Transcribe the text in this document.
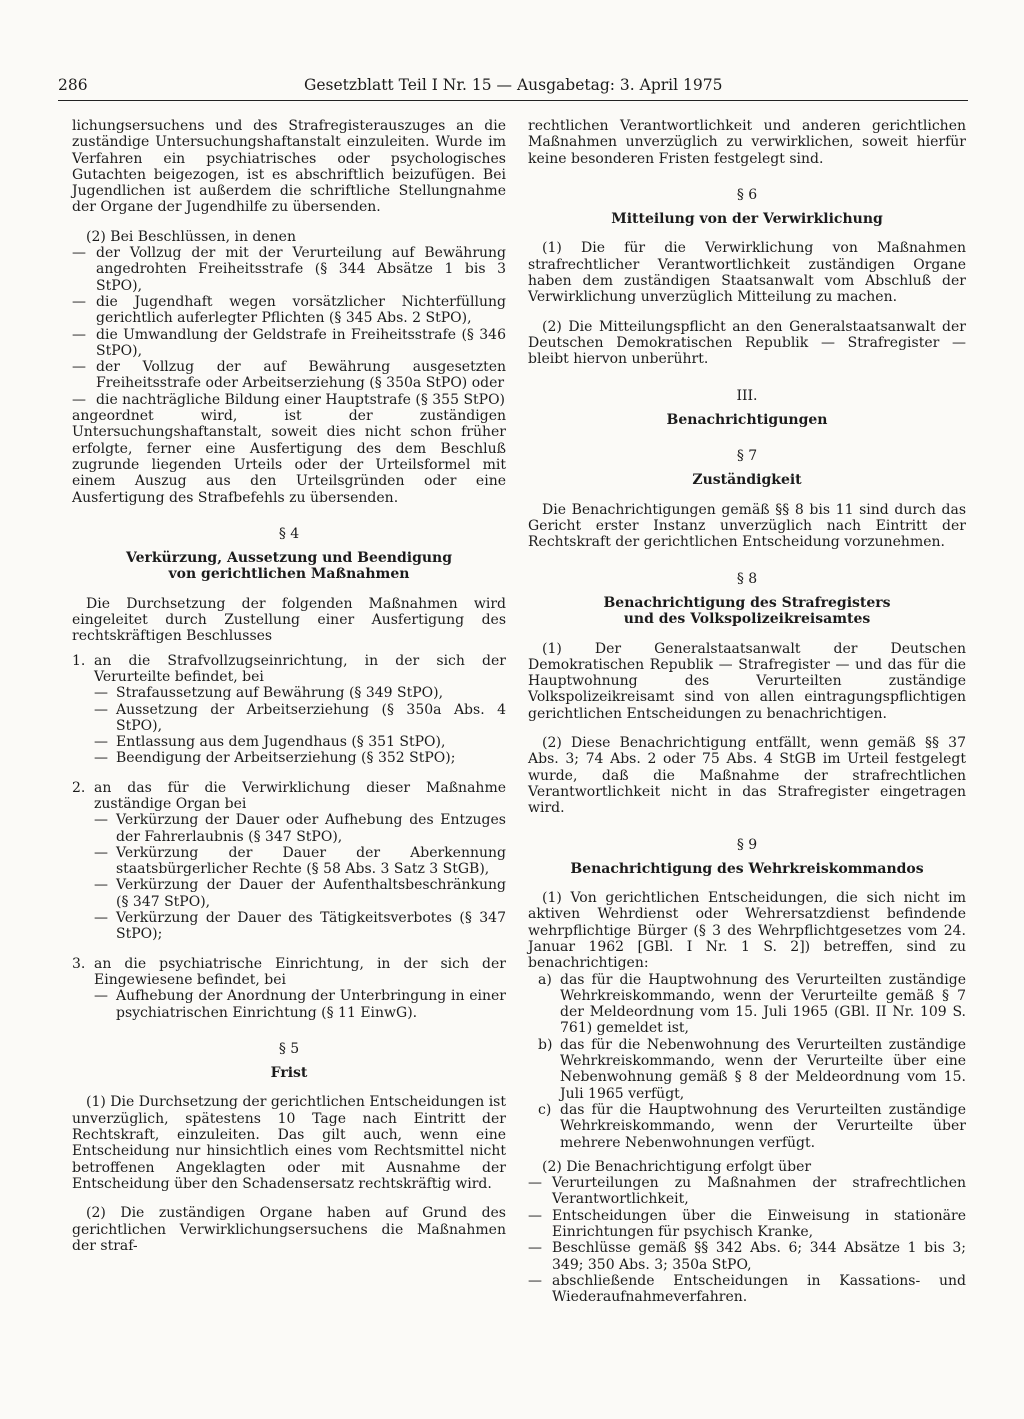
286	Gesetzblatt Teil I Nr. 15 — Ausgabetag: 3. April 1975

lichungsersuchens und des Strafregisterauszuges an die zuständige Untersuchungshaftanstalt einzuleiten. Wurde im Verfahren ein psychiatrisches oder psychologisches Gutachten beigezogen, ist es abschriftlich beizufügen. Bei Jugendlichen ist außerdem die schriftliche Stellungnahme der Organe der Jugendhilfe zu übersenden.

(2) Bei Beschlüssen, in denen

— der Vollzug der mit der Verurteilung auf Bewährung angedrohten Freiheitsstrafe (§ 344 Absätze 1 bis 3 StPO),
— die Jugendhaft wegen vorsätzlicher Nichterfüllung gerichtlich auferlegter Pflichten (§ 345 Abs. 2 StPO),
— die Umwandlung der Geldstrafe in Freiheitsstrafe (§ 346 StPO),
— der Vollzug der auf Bewährung ausgesetzten Freiheitsstrafe oder Arbeitserziehung (§ 350a StPO) oder
— die nachträgliche Bildung einer Hauptstrafe (§ 355 StPO)

angeordnet wird, ist der zuständigen Untersuchungshaftanstalt, soweit dies nicht schon früher erfolgte, ferner eine Ausfertigung des dem Beschluß zugrunde liegenden Urteils oder der Urteilsformel mit einem Auszug aus den Urteilsgründen oder eine Ausfertigung des Strafbefehls zu übersenden.

§ 4

Verkürzung, Aussetzung und Beendigung

von gerichtlichen Maßnahmen

Die Durchsetzung der folgenden Maßnahmen wird eingeleitet durch Zustellung einer Ausfertigung des rechtskräftigen Beschlusses

1. an die Strafvollzugseinrichtung, in der sich der Verurteilte befindet, bei
— Strafaussetzung auf Bewährung (§ 349 StPO),
— Aussetzung der Arbeitserziehung (§ 350a Abs. 4 StPO),
— Entlassung aus dem Jugendhaus (§ 351 StPO),
— Beendigung der Arbeitserziehung (§ 352 StPO);
2. an das für die Verwirklichung dieser Maßnahme zuständige Organ bei
— Verkürzung der Dauer oder Aufhebung des Entzuges der Fahrerlaubnis (§ 347 StPO),
— Verkürzung der Dauer der Aberkennung staatsbürgerlicher Rechte (§ 58 Abs. 3 Satz 3 StGB),
— Verkürzung der Dauer der Aufenthaltsbeschränkung (§ 347 StPO),
— Verkürzung der Dauer des Tätigkeitsverbotes (§ 347 StPO);
3. an die psychiatrische Einrichtung, in der sich der Eingewiesene befindet, bei
— Aufhebung der Anordnung der Unterbringung in einer psychiatrischen Einrichtung (§ 11 EinwG).

§ 5

Frist

(1) Die Durchsetzung der gerichtlichen Entscheidungen ist unverzüglich, spätestens 10 Tage nach Eintritt der Rechtskraft, einzuleiten. Das gilt auch, wenn eine Entscheidung nur hinsichtlich eines vom Rechtsmittel nicht betroffenen Angeklagten oder mit Ausnahme der Entscheidung über den Schadensersatz rechtskräftig wird.

(2) Die zuständigen Organe haben auf Grund des gerichtlichen Verwirklichungsersuchens die Maßnahmen der straf-

rechtlichen Verantwortlichkeit und anderen gerichtlichen Maßnahmen unverzüglich zu verwirklichen, soweit hierfür keine besonderen Fristen festgelegt sind.

§ 6

Mitteilung von der Verwirklichung

(1) Die für die Verwirklichung von Maßnahmen strafrechtlicher Verantwortlichkeit zuständigen Organe haben dem zuständigen Staatsanwalt vom Abschluß der Verwirklichung unverzüglich Mitteilung zu machen.

(2) Die Mitteilungspflicht an den Generalstaatsanwalt der Deutschen Demokratischen Republik — Strafregister — bleibt hiervon unberührt.

III.

Benachrichtigungen

§ 7

Zuständigkeit

Die Benachrichtigungen gemäß §§ 8 bis 11 sind durch das Gericht erster Instanz unverzüglich nach Eintritt der Rechtskraft der gerichtlichen Entscheidung vorzunehmen.

§ 8

Benachrichtigung des Strafregisters

und des Volkspolizeikreisamtes

(1) Der Generalstaatsanwalt der Deutschen Demokratischen Republik — Strafregister — und das für die Hauptwohnung des Verurteilten zuständige Volkspolizeikreisamt sind von allen eintragungspflichtigen gerichtlichen Entscheidungen zu benachrichtigen.

(2) Diese Benachrichtigung entfällt, wenn gemäß §§ 37 Abs. 3; 74 Abs. 2 oder 75 Abs. 4 StGB im Urteil festgelegt wurde, daß die Maßnahme der strafrechtlichen Verantwortlichkeit nicht in das Strafregister eingetragen wird.

§ 9

Benachrichtigung des Wehrkreiskommandos

(1) Von gerichtlichen Entscheidungen, die sich nicht im aktiven Wehrdienst oder Wehrersatzdienst befindende wehrpflichtige Bürger (§ 3 des Wehrpflichtgesetzes vom 24. Januar 1962 [GBl. I Nr. 1 S. 2]) betreffen, sind zu benachrichtigen:

a) das für die Hauptwohnung des Verurteilten zuständige Wehrkreiskommando, wenn der Verurteilte gemäß § 7 der Meldeordnung vom 15. Juli 1965 (GBl. II Nr. 109 S. 761) gemeldet ist,
b) das für die Nebenwohnung des Verurteilten zuständige Wehrkreiskommando, wenn der Verurteilte über eine Nebenwohnung gemäß § 8 der Meldeordnung vom 15. Juli 1965 verfügt,
c) das für die Hauptwohnung des Verurteilten zuständige Wehrkreiskommando, wenn der Verurteilte über mehrere Nebenwohnungen verfügt.

(2) Die Benachrichtigung erfolgt über

— Verurteilungen zu Maßnahmen der strafrechtlichen Verantwortlichkeit,
— Entscheidungen über die Einweisung in stationäre Einrichtungen für psychisch Kranke,
— Beschlüsse gemäß §§ 342 Abs. 6; 344 Absätze 1 bis 3; 349; 350 Abs. 3; 350a StPO,
— abschließende Entscheidungen in Kassations- und Wiederaufnahmeverfahren.
